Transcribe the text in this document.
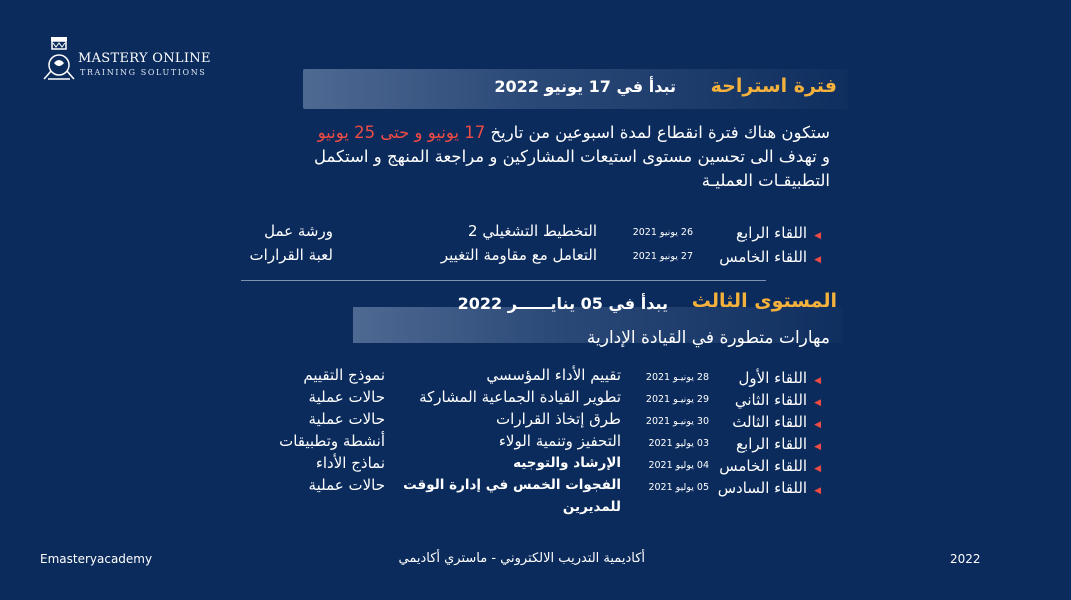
MASTERY ONLINE
TRAINING SOLUTIONS
فترة استراحة
تبدأ في 17 يونيو 2022
ستكون هناك فترة انقطاع لمدة اسبوعين من تاريخ 17 يونيو و حتى 25 يونيو
و تهدف الى تحسين مستوى استيعات المشاركين و مراجعة المنهج و استكمل
التطبيقـات العمليـة
◀اللقاء الرابع
26 يونيو 2021
التخطيط التشغيلي 2
ورشة عمل
◀اللقاء الخامس
27 يونيو 2021
التعامل مع مقاومة التغيير
لعبة القرارات
المستوى الثالث
يبدأ في 05 ينايــــــر 2022
مهارات متطورة في القيادة الإدارية
◀اللقاء الأول
28 يونيـو 2021
تقييم الأداء المؤسسي
نموذج التقييم
◀اللقاء الثاني
29 يونيـو 2021
تطوير القيادة الجماعية المشاركة
حالات عملية
◀اللقاء الثالث
30 يونيـو 2021
طرق إتخاذ القرارات
حالات عملية
◀اللقاء الرابع
03 يوليو 2021
التحفيز وتنمية الولاء
أنشطة وتطبيقات
◀اللقاء الخامس
04 يوليو 2021
الإرشاد والتوجيه
نماذج الأداء
◀اللقاء السادس
05 يوليو 2021
الفجوات الخمس في إدارة الوقت
للمديرين
حالات عملية
Emasteryacademy	أكاديمية التدريب الالكتروني - ماستري أكاديمي	2022
